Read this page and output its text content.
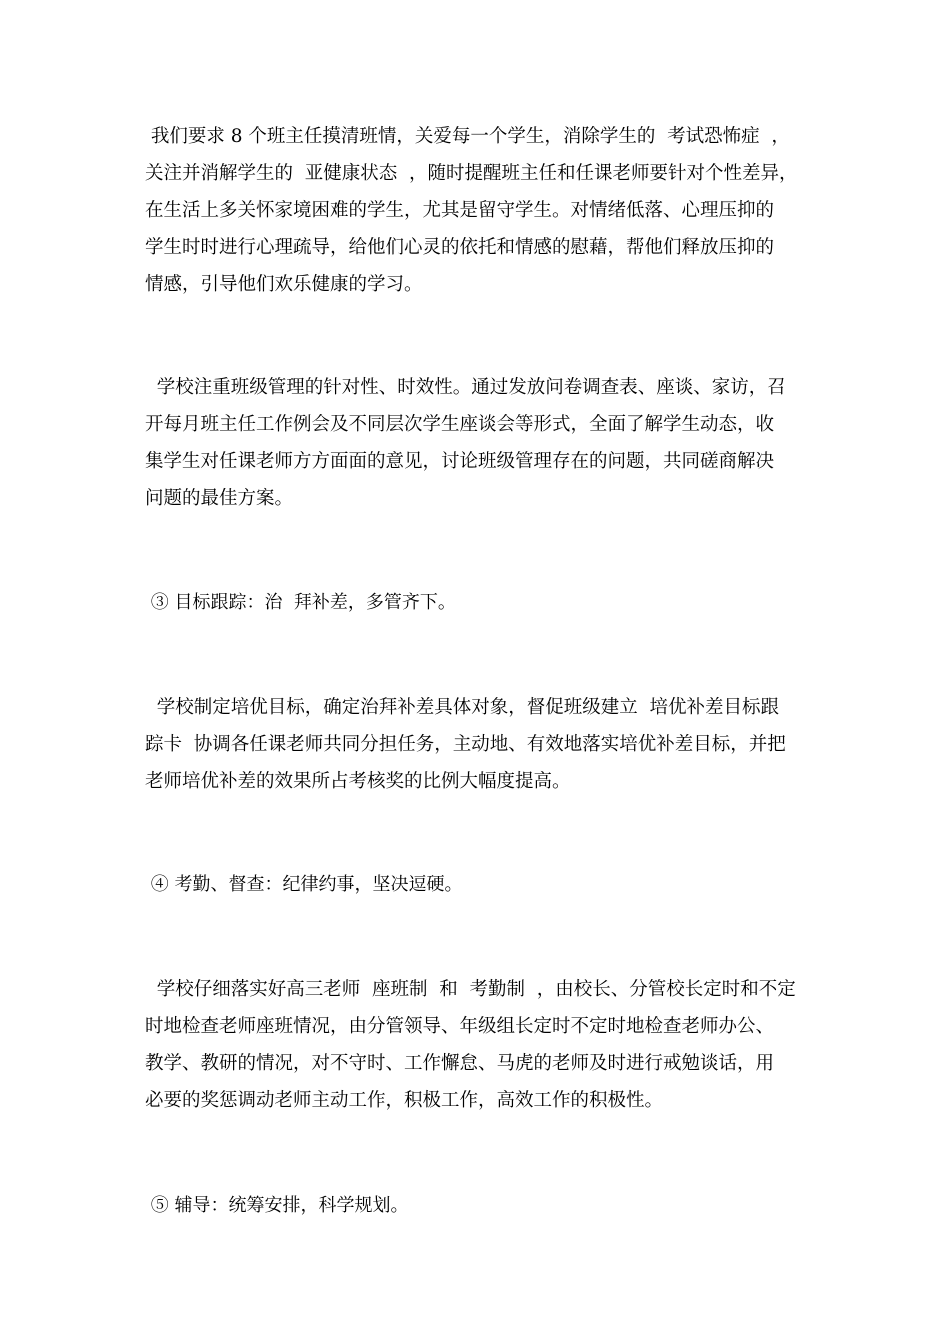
我们要求 8 个班主任摸清班情，关爱每一个学生，消除学生的  考试恐怖症  ，
关注并消解学生的  亚健康状态  ，随时提醒班主任和任课老师要针对个性差异，
在生活上多关怀家境困难的学生，尤其是留守学生。对情绪低落、心理压抑的
学生时时进行心理疏导，给他们心灵的依托和情感的慰藉，帮他们释放压抑的
情感，引导他们欢乐健康的学习。
学校注重班级管理的针对性、时效性。通过发放问卷调查表、座谈、家访，召
开每月班主任工作例会及不同层次学生座谈会等形式，全面了解学生动态，收
集学生对任课老师方方面面的意见，讨论班级管理存在的问题，共同磋商解决
问题的最佳方案。
③ 目标跟踪：治  拜补差，多管齐下。
学校制定培优目标，确定治拜补差具体对象，督促班级建立  培优补差目标跟
踪卡  协调各任课老师共同分担任务，主动地、有效地落实培优补差目标，并把
老师培优补差的效果所占考核奖的比例大幅度提高。
④ 考勤、督查：纪律约事，坚决逗硬。
学校仔细落实好高三老师  座班制  和  考勤制  ，由校长、分管校长定时和不定
时地检查老师座班情况，由分管领导、年级组长定时不定时地检查老师办公、
教学、教研的情况，对不守时、工作懈怠、马虎的老师及时进行戒勉谈话，用
必要的奖惩调动老师主动工作，积极工作，高效工作的积极性。
⑤ 辅导：统筹安排，科学规划。
